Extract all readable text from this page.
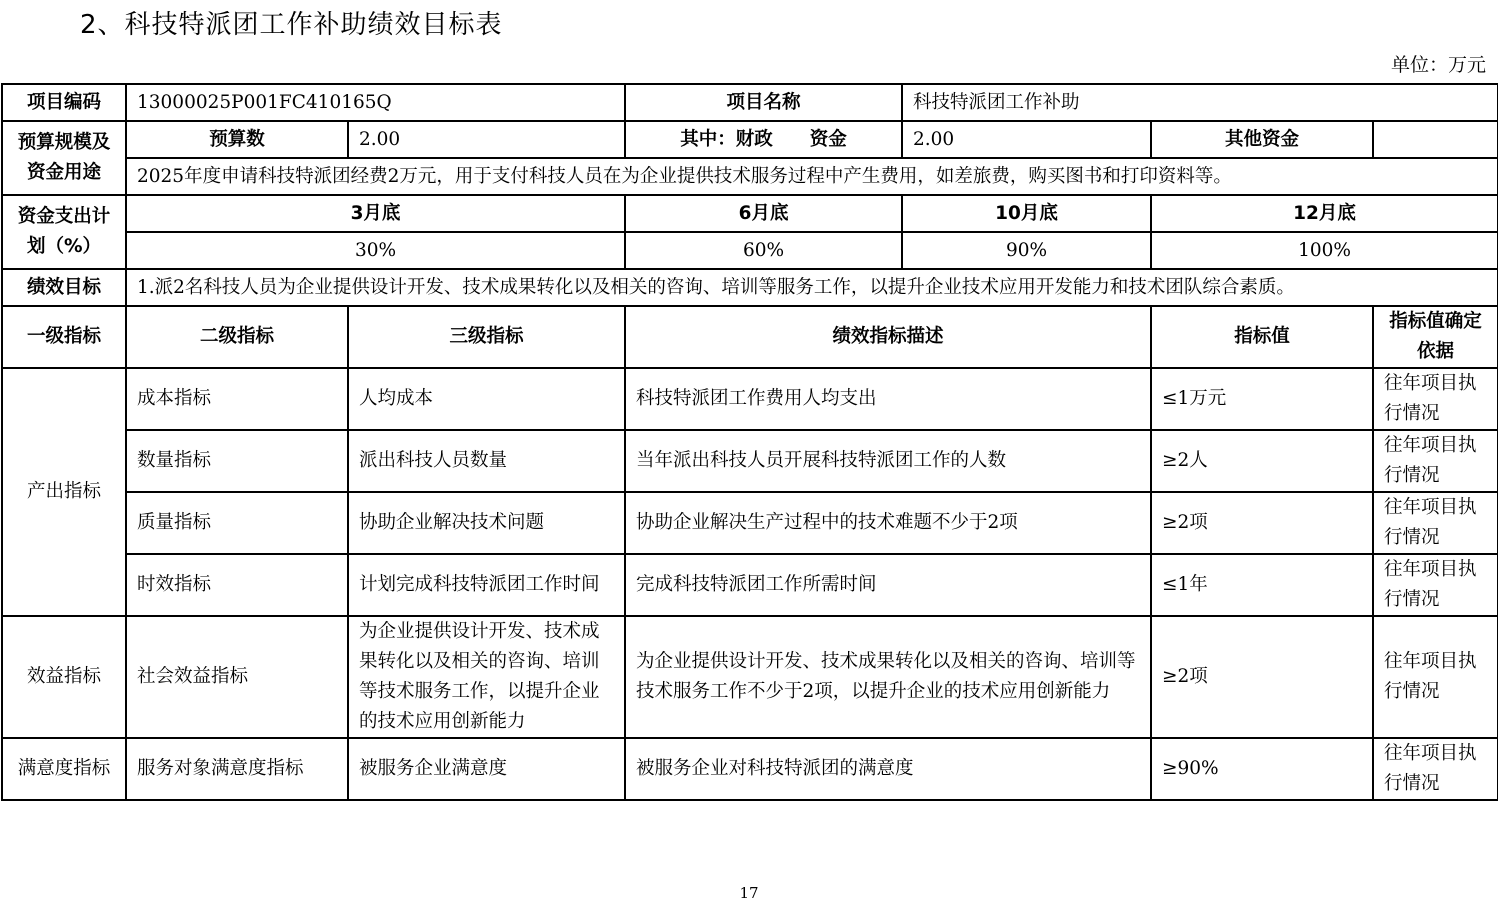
2、科技特派团工作补助绩效目标表
单位：万元
项目编码	13000025P001FC410165Q		项目名称	科技特派团工作补助		
预算规模及资金用途	预算数	2.00	其中：财政　　资金	2.00	其他资金	
	2025年度申请科技特派团经费2万元，用于支付科技人员在为企业提供技术服务过程中产生费用，如差旅费，购买图书和打印资料等。					
资金支出计划（%）	3月底		6月底	10月底	12月底	
	30%		60%	90%	100%	
绩效目标	1.派2名科技人员为企业提供设计开发、技术成果转化以及相关的咨询、培训等服务工作，以提升企业技术应用开发能力和技术团队综合素质。					
一级指标	二级指标	三级指标	绩效指标描述		指标值	指标值确定依据
产出指标	成本指标	人均成本	科技特派团工作费用人均支出		≤1万元	往年项目执行情况
	数量指标	派出科技人员数量	当年派出科技人员开展科技特派团工作的人数		≥2人	往年项目执行情况
	质量指标	协助企业解决技术问题	协助企业解决生产过程中的技术难题不少于2项		≥2项	往年项目执行情况
	时效指标	计划完成科技特派团工作时间	完成科技特派团工作所需时间		≤1年	往年项目执行情况
效益指标	社会效益指标	为企业提供设计开发、技术成果转化以及相关的咨询、培训等技术服务工作，以提升企业的技术应用创新能力	为企业提供设计开发、技术成果转化以及相关的咨询、培训等技术服务工作不少于2项，以提升企业的技术应用创新能力		≥2项	往年项目执行情况
满意度指标	服务对象满意度指标	被服务企业满意度	被服务企业对科技特派团的满意度		≥90%	往年项目执行情况
17
